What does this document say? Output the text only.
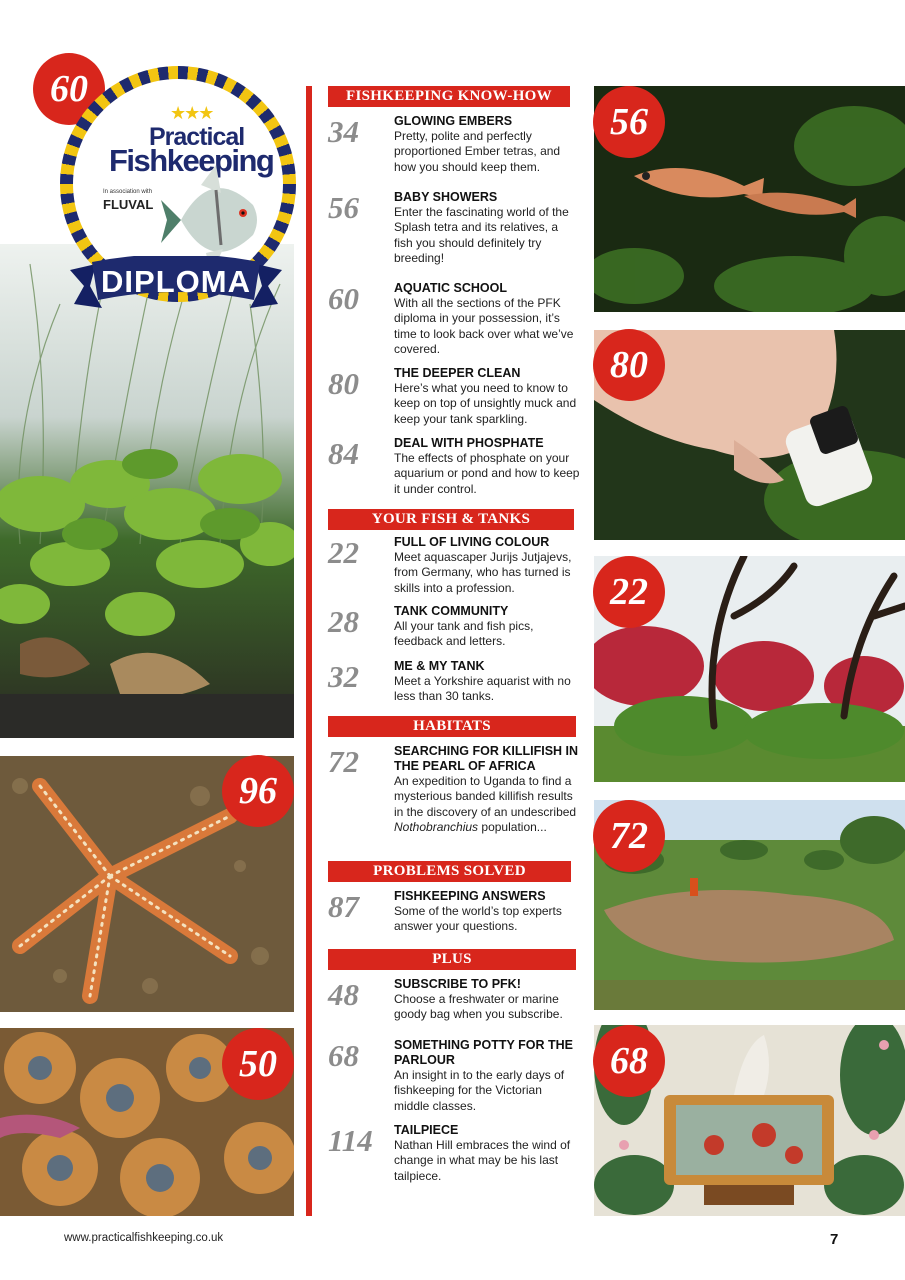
60
96
50
★★★
Practical
Fishkeeping
In association with
FLUVAL
DIPLOMA
FISHKEEPING KNOW-HOW
34	GLOWING EMBERS
Pretty, polite and perfectly proportioned Ember tetras, and how you should keep them.
56	BABY SHOWERS
Enter the fascinating world of the Splash tetra and its relatives, a fish you should definitely try breeding!
60	AQUATIC SCHOOL
With all the sections of the PFK diploma in your possession, it’s time to look back over what we’ve covered.
80	THE DEEPER CLEAN
Here’s what you need to know to keep on top of unsightly muck and keep your tank sparkling.
84	DEAL WITH PHOSPHATE
The effects of phosphate on your aquarium or pond and how to keep it under control.
YOUR FISH & TANKS
22	FULL OF LIVING COLOUR
Meet aquascaper Jurijs Jutjajevs, from Germany, who has turned is skills into a profession.
28	TANK COMMUNITY
All your tank and fish pics, feedback and letters.
32	ME & MY TANK
Meet a Yorkshire aquarist with no less than 30 tanks.
HABITATS
72	SEARCHING FOR KILLIFISH IN THE PEARL OF AFRICA
An expedition to Uganda to find a mysterious banded killifish results in the discovery of an undescribed Nothobranchius population...
PROBLEMS SOLVED
87	FISHKEEPING ANSWERS
Some of the world’s top experts answer your questions.
PLUS
48	SUBSCRIBE TO PFK!
Choose a freshwater or marine goody bag when you subscribe.
68	SOMETHING POTTY FOR THE PARLOUR
An insight in to the early days of fishkeeping for the Victorian middle classes.
114 TAILPIECE
Nathan Hill embraces the wind of change in what may be his last tailpiece.
56
80
22
72
68
www.practicalfishkeeping.co.uk	7
